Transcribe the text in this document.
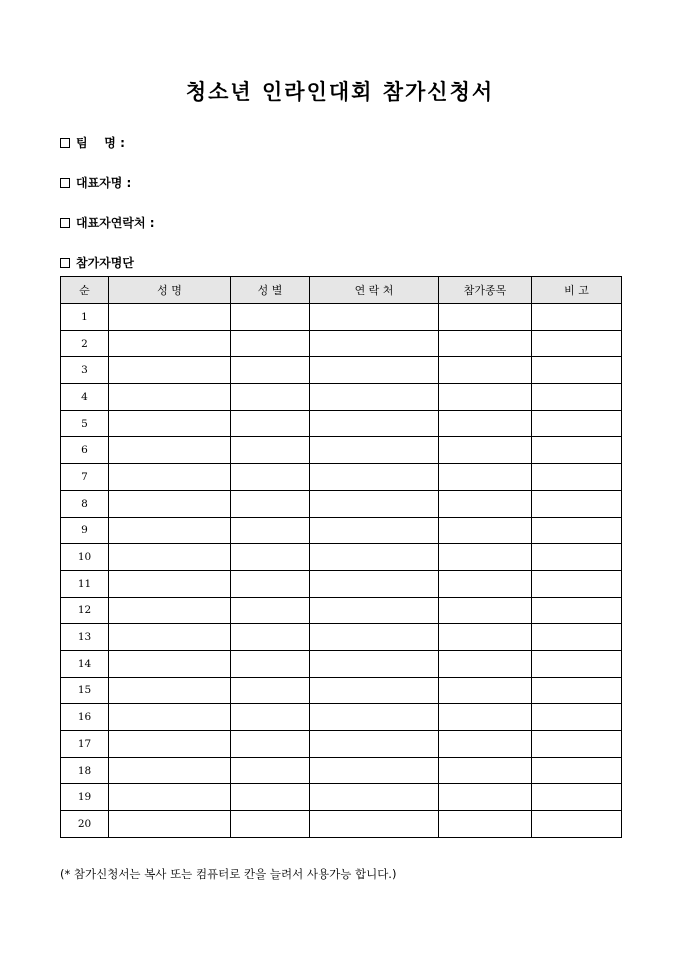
청소년 인라인대회 참가신청서
팀    명 :
대표자명 :
대표자연락처 :
참가자명단
순	성 명	성 별	연 락 처	참가종목	비 고
1					
2					
3					
4					
5					
6					
7					
8					
9					
10					
11					
12					
13					
14					
15					
16					
17					
18					
19					
20					
(* 참가신청서는 복사 또는 컴퓨터로 칸을 늘려서 사용가능 합니다.)
